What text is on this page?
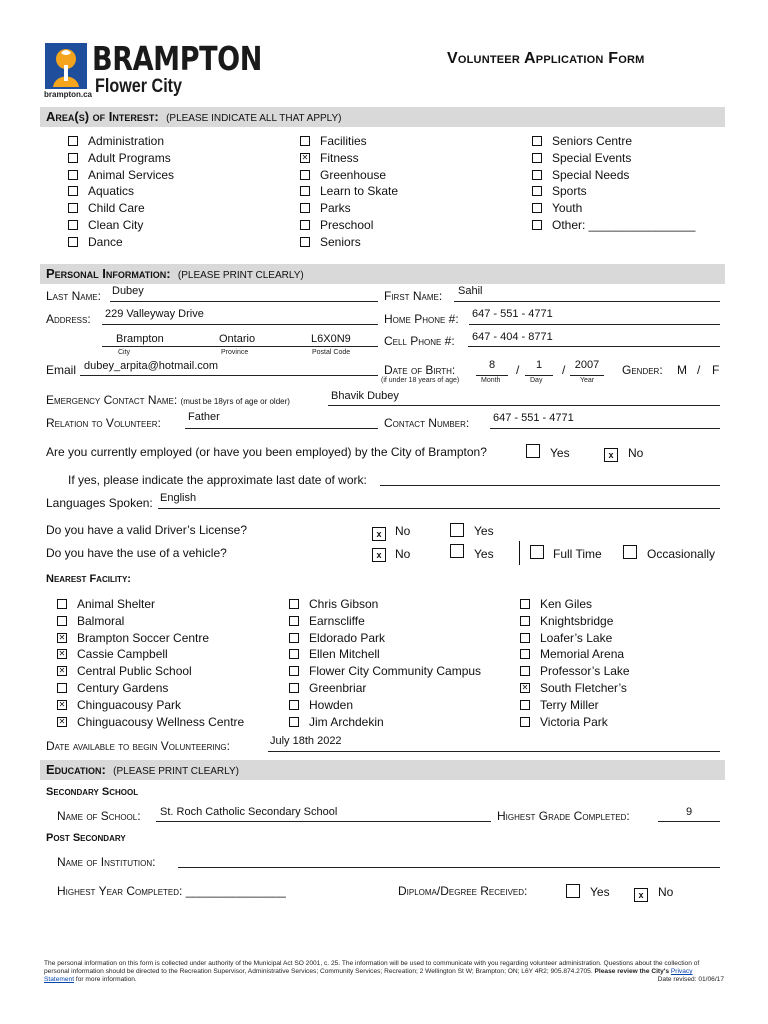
BRAMPTON
Flower City
brampton.ca
Volunteer Application Form
Area(s) of Interest: (PLEASE INDICATE ALL THAT APPLY)
Administration
Adult Programs
Animal Services
Aquatics
Child Care
Clean City
Dance
Facilities
✕Fitness
Greenhouse
Learn to Skate
Parks
Preschool
Seniors
Seniors Centre
Special Events
Special Needs
Sports
Youth
Other: ________________
Personal Information: (PLEASE PRINT CLEARLY)
Last Name: Dubey	First Name: Sahil
Address: 229 Valleyway Drive	Home Phone #: 647 - 551 - 4771
Brampton	Ontario	L6X0N9
City	Province	Postal Code
Cell Phone #: 647 - 404 - 8771
Email dubey_arpita@hotmail.com	Date of Birth:
(if under 18 years of age)
8	/	1	/ 2007
Month	Day	Year
Gender: M / F
Emergency Contact Name: (must be 18yrs of age or older)	Bhavik Dubey
Relation to Volunteer: Father	Contact Number: 647 - 551 - 4771
Are you currently employed (or have you been employed) by the City of Brampton?	Yes	x	No
If yes, please indicate the approximate last date of work:
Languages Spoken: English
Do you have a valid Driver’s License?	x	No	Yes
Do you have the use of a vehicle?	x	No	Yes	Full Time	Occasionally
Nearest Facility:
Animal Shelter
Balmoral
✕Brampton Soccer Centre
✕Cassie Campbell
✕Central Public School
Century Gardens
✕Chinguacousy Park
✕Chinguacousy Wellness Centre
Chris Gibson
Earnscliffe
Eldorado Park
Ellen Mitchell
Flower City Community Campus
Greenbriar
Howden
Jim Archdekin
Ken Giles
Knightsbridge
Loafer’s Lake
Memorial Arena
Professor’s Lake
✕South Fletcher’s
Terry Miller
Victoria Park
Date available to begin Volunteering:	July 18th 2022
Education: (PLEASE PRINT CLEARLY)
Secondary School
Name of School: St. Roch Catholic Secondary School	Highest Grade Completed:	9
Post Secondary
Name of Institution:
Highest Year Completed: _______________	Diploma/Degree Received:	Yes	x	No
The personal information on this form is collected under authority of the Municipal Act SO 2001, c. 25. The information will be used to communicate with you regarding volunteer administration. Questions about the collection of personal information should be directed to the Recreation Supervisor, Administrative Services; Community Services; Recreation; 2 Wellington St W; Brampton; ON; L6Y 4R2; 905.874.2705. Please review the City's Privacy Statement for more information.	Date revised: 01/06/17
